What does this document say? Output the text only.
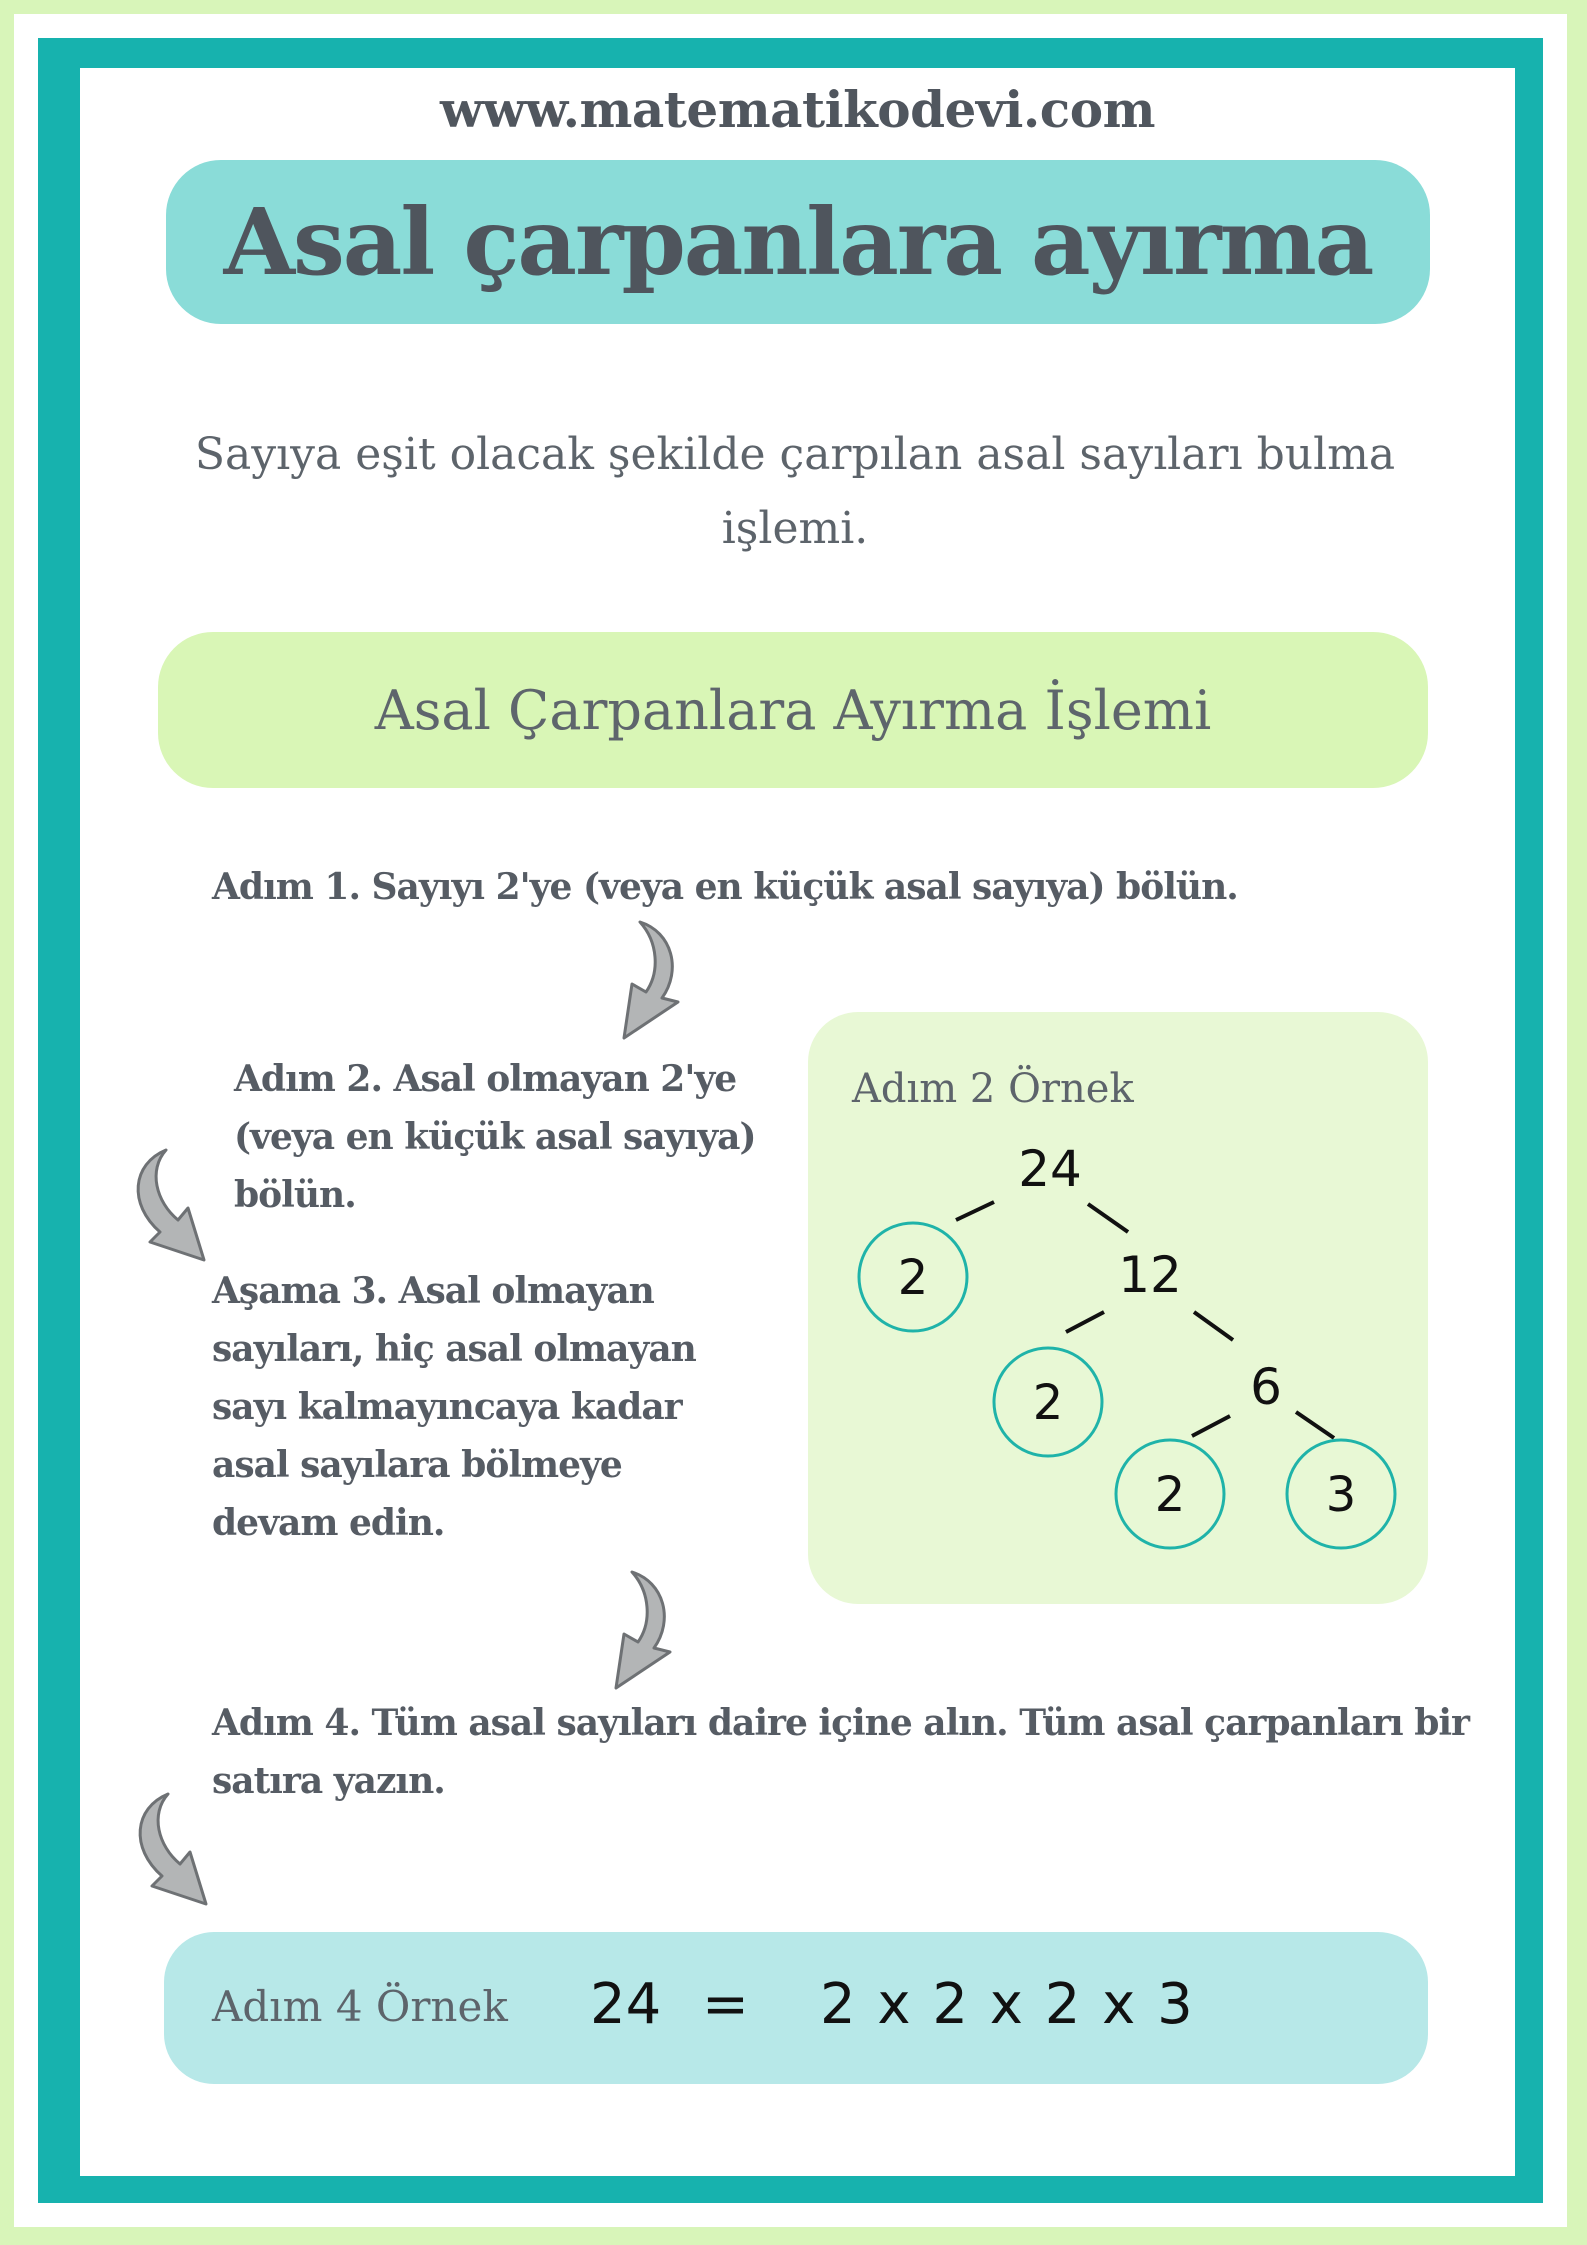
www.matematikodevi.com
Asal çarpanlara ayırma
Sayıya eşit olacak şekilde çarpılan asal sayıları bulma
işlemi.
Asal Çarpanlara Ayırma İşlemi
Adım 1. Sayıyı 2'ye (veya en küçük asal sayıya) bölün.
Adım 2. Asal olmayan 2'ye
(veya en küçük asal sayıya)
bölün.
Aşama 3. Asal olmayan
sayıları, hiç asal olmayan
sayı kalmayıncaya kadar
asal sayılara bölmeye
devam edin.
Adım 4. Tüm asal sayıları daire içine alın. Tüm asal çarpanları bir
satıra yazın.
Adım 2 Örnek
24
2	12
2	6
2	3
Adım 4 Örnek 24 = 2 x 2 x 2 x 3
